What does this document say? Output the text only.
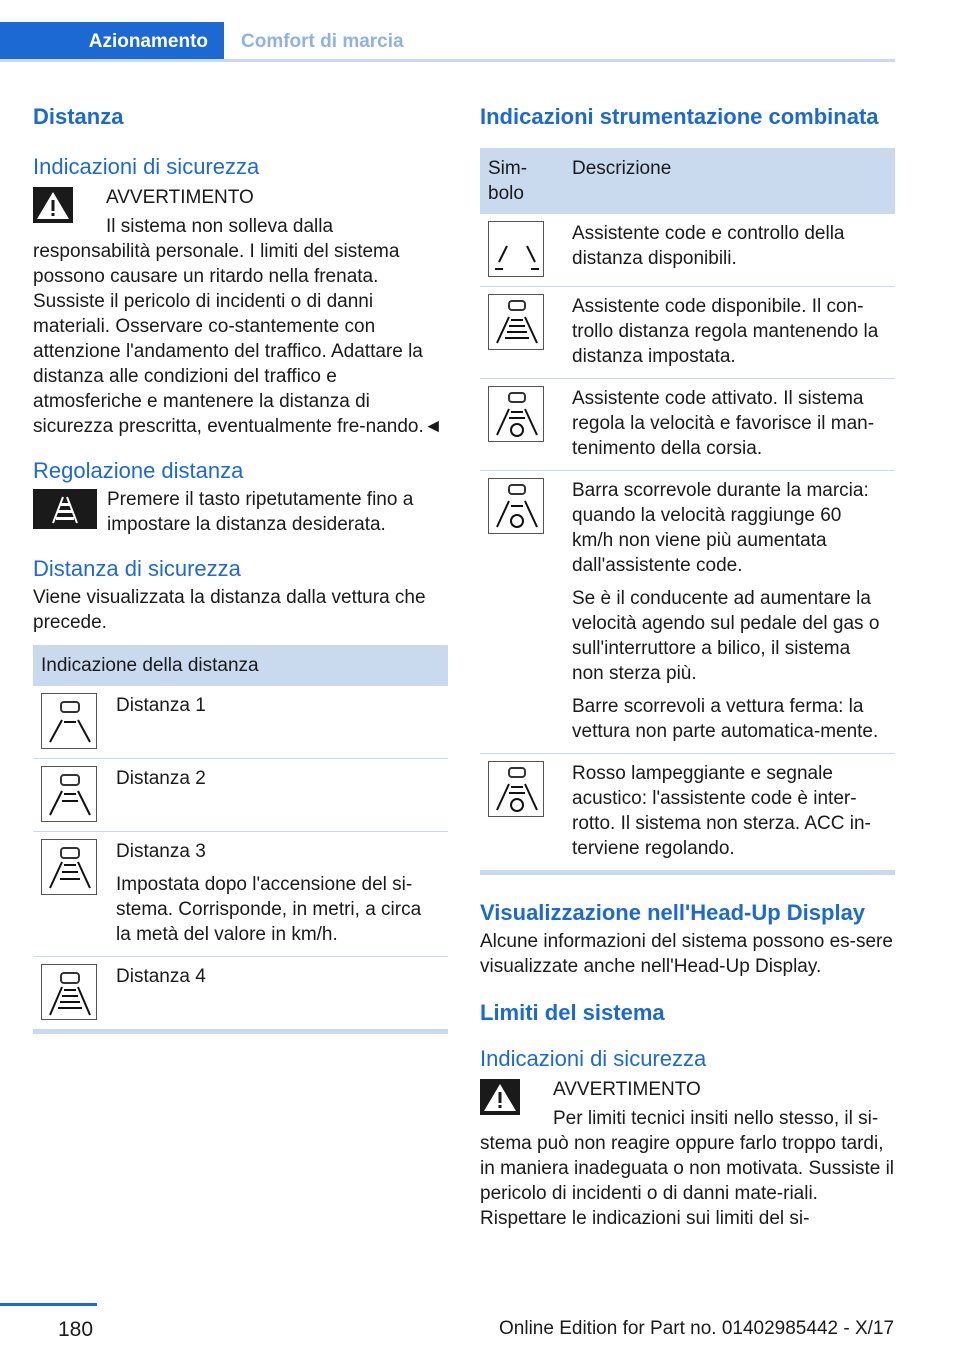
Azionamento	Comfort di marcia
Distanza
Indicazioni di sicurezza

AVVERTIMENTO

Il sistema non solleva dalla responsabilità personale. I limiti del sistema possono causare un ritardo nella frenata. Sussiste il pericolo di incidenti o di danni materiali. Osservare co-stantemente con attenzione l'andamento del traffico. Adattare la distanza alle condizioni del traffico e atmosferiche e mantenere la distanza di sicurezza prescritta, eventualmente fre-nando.◄

Regolazione distanza

Premere il tasto ripetutamente fino a impostare la distanza desiderata.

Distanza di sicurezza

Viene visualizzata la distanza dalla vettura che precede.

Indicazione della distanza	

Distanza 1

Distanza 2

Distanza 3
Impostata dopo l'accensione del si-stema. Corrisponde, in metri, a circa la metà del valore in km/h.

Distanza 4
Indicazioni strumentazione combinata
Sim-bolo	Descrizione

Assistente code e controllo della distanza disponibili.

Assistente code disponibile. Il con-trollo distanza regola mantenendo la distanza impostata.

Assistente code attivato. Il sistema regola la velocità e favorisce il man-tenimento della corsia.

Barra scorrevole durante la marcia: quando la velocità raggiunge 60 km/h non viene più aumentata dall'assistente code.
Se è il conducente ad aumentare la velocità agendo sul pedale del gas o sull'interruttore a bilico, il sistema non sterza più.
Barre scorrevoli a vettura ferma: la vettura non parte automatica-mente.

Rosso lampeggiante e segnale acustico: l'assistente code è inter-rotto. Il sistema non sterza. ACC in-terviene regolando.
Visualizzazione nell'Head-Up Display

Alcune informazioni del sistema possono es-sere visualizzate anche nell'Head-Up Display.

Limiti del sistema
Indicazioni di sicurezza

AVVERTIMENTO

Per limiti tecnici insiti nello stesso, il si-stema può non reagire oppure farlo troppo tardi, in maniera inadeguata o non motivata. Sussiste il pericolo di incidenti o di danni mate-riali. Rispettare le indicazioni sui limiti del si-

180	Online Edition for Part no. 01402985442 - X/17
